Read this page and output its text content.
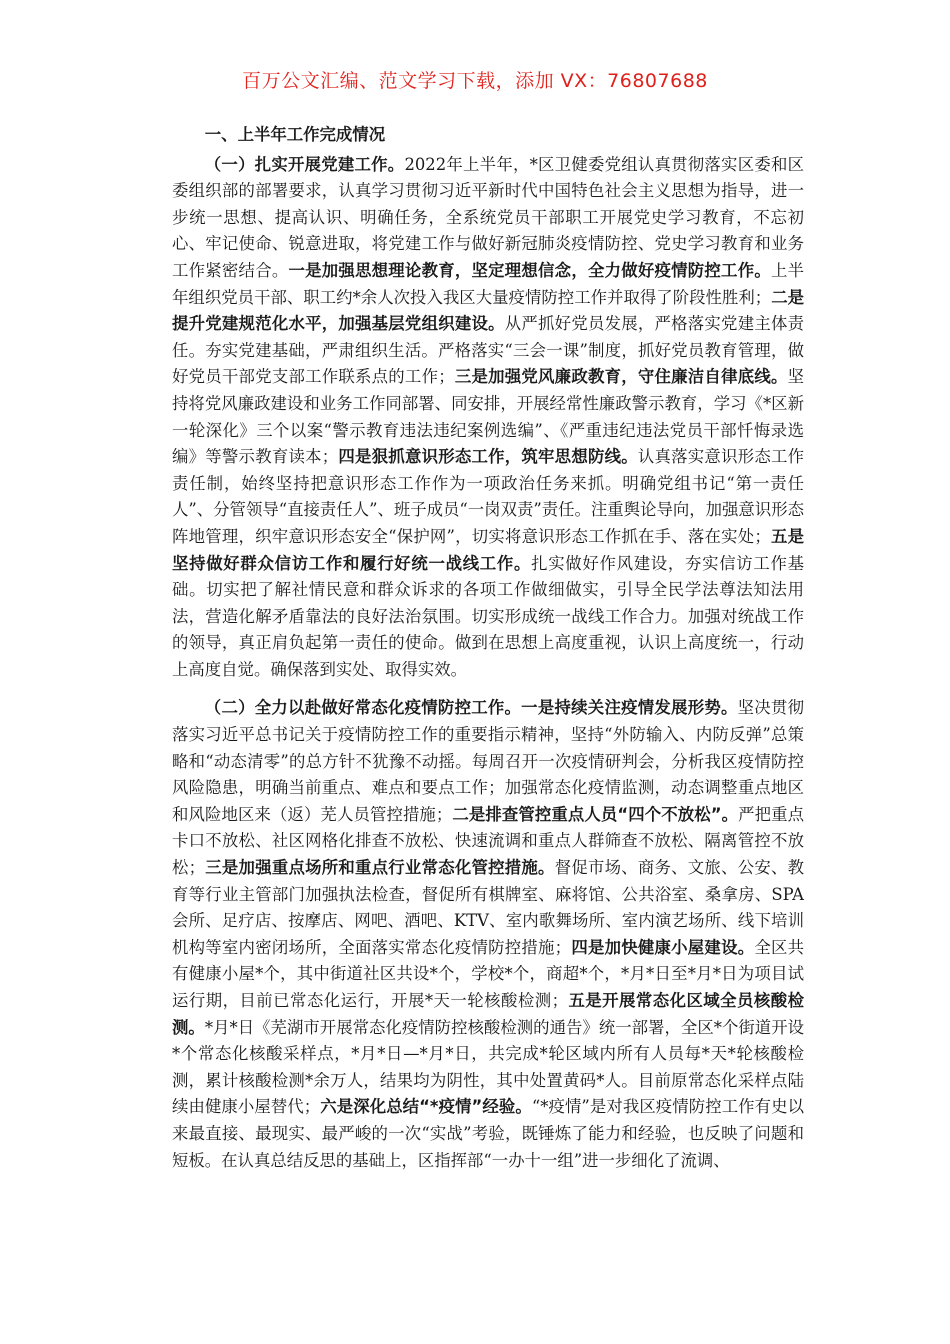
百万公文汇编、范文学习下载，添加 VX：76807688
一、上半年工作完成情况

（一）扎实开展党建工作。2022年上半年，*区卫健委党组认真贯彻落实区委和区委组织部的部署要求，认真学习贯彻习近平新时代中国特色社会主义思想为指导，进一步统一思想、提高认识、明确任务，全系统党员干部职工开展党史学习教育，不忘初心、牢记使命、锐意进取，将党建工作与做好新冠肺炎疫情防控、党史学习教育和业务工作紧密结合。一是加强思想理论教育，坚定理想信念，全力做好疫情防控工作。上半年组织党员干部、职工约*余人次投入我区大量疫情防控工作并取得了阶段性胜利；二是提升党建规范化水平，加强基层党组织建设。从严抓好党员发展，严格落实党建主体责任。夯实党建基础，严肃组织生活。严格落实“三会一课”制度，抓好党员教育管理，做好党员干部党支部工作联系点的工作；三是加强党风廉政教育，守住廉洁自律底线。坚持将党风廉政建设和业务工作同部署、同安排，开展经常性廉政警示教育，学习《*区新一轮深化》三个以案“警示教育违法违纪案例选编”、《严重违纪违法党员干部忏悔录选编》等警示教育读本；四是狠抓意识形态工作，筑牢思想防线。认真落实意识形态工作责任制，始终坚持把意识形态工作作为一项政治任务来抓。明确党组书记“第一责任人”、分管领导“直接责任人”、班子成员“一岗双责”责任。注重舆论导向，加强意识形态阵地管理，织牢意识形态安全“保护网”，切实将意识形态工作抓在手、落在实处；五是坚持做好群众信访工作和履行好统一战线工作。扎实做好作风建设，夯实信访工作基础。切实把了解社情民意和群众诉求的各项工作做细做实，引导全民学法尊法知法用法，营造化解矛盾靠法的良好法治氛围。切实形成统一战线工作合力。加强对统战工作的领导，真正肩负起第一责任的使命。做到在思想上高度重视，认识上高度统一，行动上高度自觉。确保落到实处、取得实效。

（二）全力以赴做好常态化疫情防控工作。一是持续关注疫情发展形势。坚决贯彻落实习近平总书记关于疫情防控工作的重要指示精神，坚持“外防输入、内防反弹”总策略和“动态清零”的总方针不犹豫不动摇。每周召开一次疫情研判会，分析我区疫情防控风险隐患，明确当前重点、难点和要点工作；加强常态化疫情监测，动态调整重点地区和风险地区来（返）芜人员管控措施；二是排查管控重点人员“四个不放松”。严把重点卡口不放松、社区网格化排查不放松、快速流调和重点人群筛查不放松、隔离管控不放松；三是加强重点场所和重点行业常态化管控措施。督促市场、商务、文旅、公安、教育等行业主管部门加强执法检查，督促所有棋牌室、麻将馆、公共浴室、桑拿房、SPA会所、足疗店、按摩店、网吧、酒吧、KTV、室内歌舞场所、室内演艺场所、线下培训机构等室内密闭场所，全面落实常态化疫情防控措施；四是加快健康小屋建设。全区共有健康小屋*个，其中街道社区共设*个，学校*个，商超*个，*月*日至*月*日为项目试运行期，目前已常态化运行，开展*天一轮核酸检测；五是开展常态化区域全员核酸检测。*月*日《芜湖市开展常态化疫情防控核酸检测的通告》统一部署，全区*个街道开设*个常态化核酸采样点，*月*日—*月*日，共完成*轮区域内所有人员每*天*轮核酸检测，累计核酸检测*余万人，结果均为阴性，其中处置黄码*人。目前原常态化采样点陆续由健康小屋替代；六是深化总结“*疫情”经验。“*疫情”是对我区疫情防控工作有史以来最直接、最现实、最严峻的一次“实战”考验，既锤炼了能力和经验，也反映了问题和短板。在认真总结反思的基础上，区指挥部“一办十一组”进一步细化了流调、
